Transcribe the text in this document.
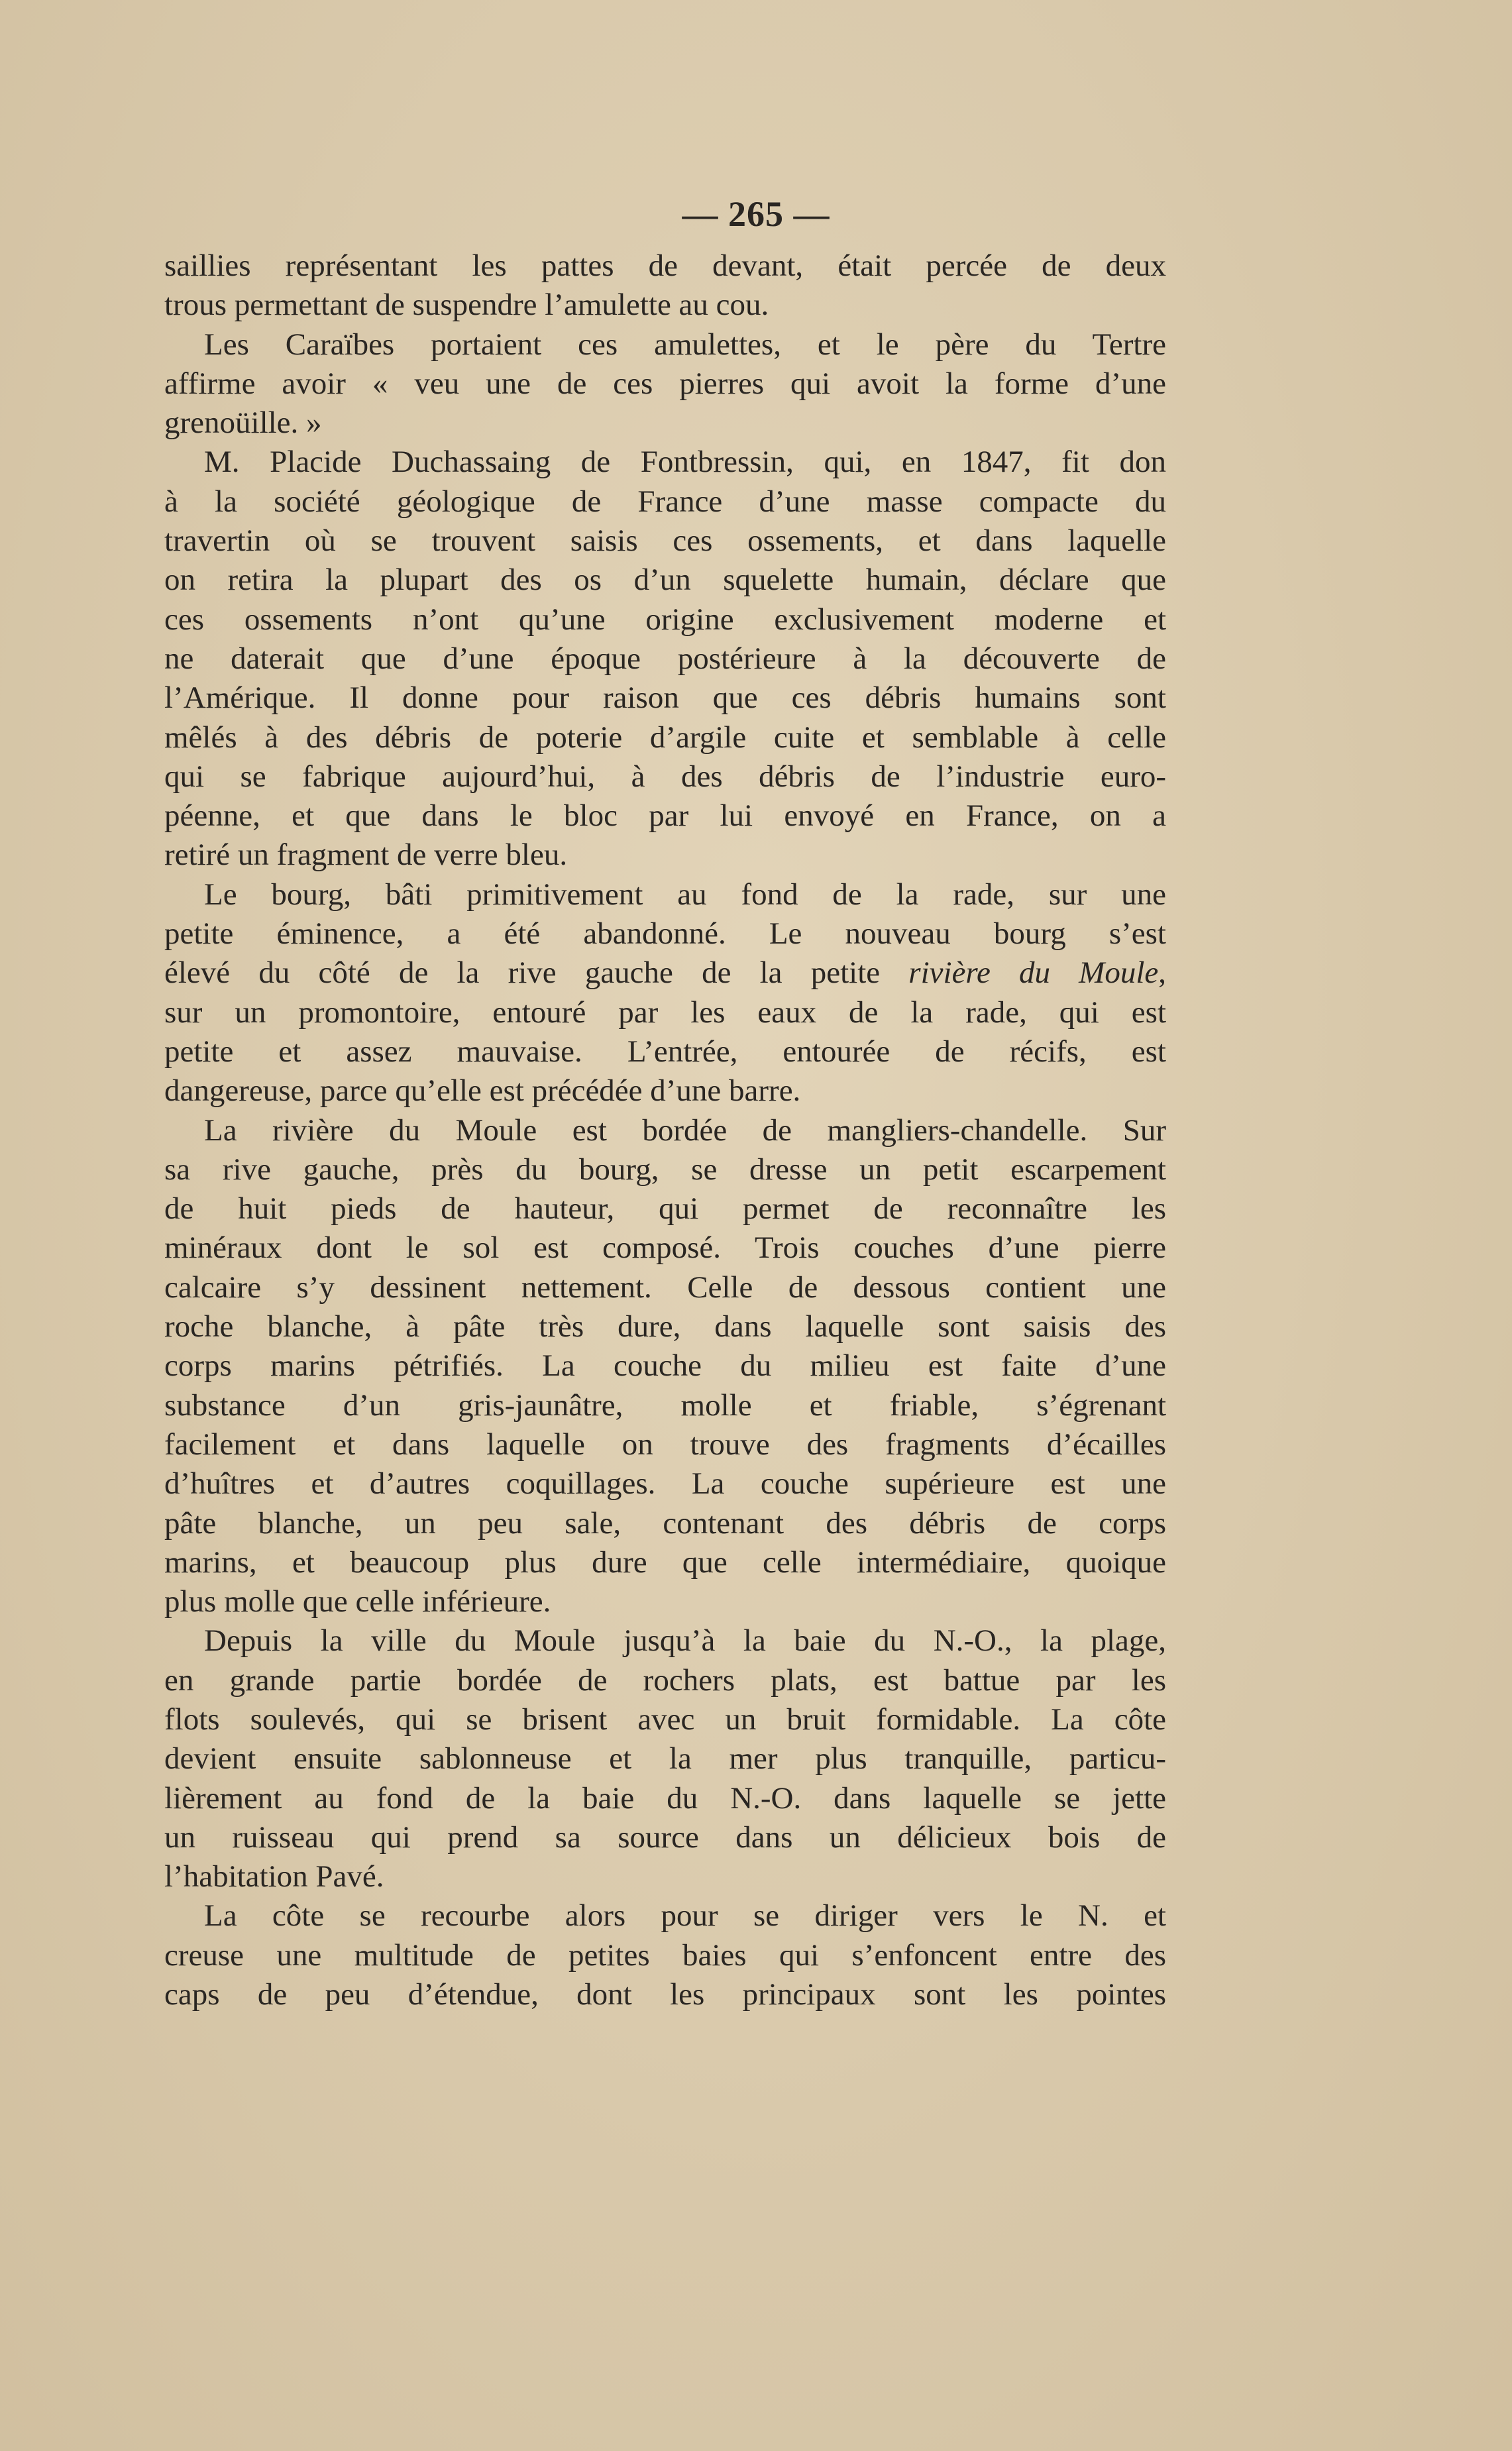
— 265 —
saillies représentant les pattes de devant, était percée de deux
trous permettant de suspendre l’amulette au cou.
Les Caraïbes portaient ces amulettes, et le père du Tertre
affirme avoir « veu une de ces pierres qui avoit la forme d’une
grenoüille. »
M. Placide Duchassaing de Fontbressin, qui, en 1847, fit don
à la société géologique de France d’une masse compacte du
travertin où se trouvent saisis ces ossements, et dans laquelle
on retira la plupart des os d’un squelette humain, déclare que
ces ossements n’ont qu’une origine exclusivement moderne et
ne daterait que d’une époque postérieure à la découverte de
l’Amérique. Il donne pour raison que ces débris humains sont
mêlés à des débris de poterie d’argile cuite et semblable à celle
qui se fabrique aujourd’hui, à des débris de l’industrie euro-
péenne, et que dans le bloc par lui envoyé en France, on a
retiré un fragment de verre bleu.
Le bourg, bâti primitivement au fond de la rade, sur une
petite éminence, a été abandonné. Le nouveau bourg s’est
élevé du côté de la rive gauche de la petite rivière du Moule,
sur un promontoire, entouré par les eaux de la rade, qui est
petite et assez mauvaise. L’entrée, entourée de récifs, est
dangereuse, parce qu’elle est précédée d’une barre.
La rivière du Moule est bordée de mangliers-chandelle. Sur
sa rive gauche, près du bourg, se dresse un petit escarpement
de huit pieds de hauteur, qui permet de reconnaître les
minéraux dont le sol est composé. Trois couches d’une pierre
calcaire s’y dessinent nettement. Celle de dessous contient une
roche blanche, à pâte très dure, dans laquelle sont saisis des
corps marins pétrifiés. La couche du milieu est faite d’une
substance d’un gris-jaunâtre, molle et friable, s’égrenant
facilement et dans laquelle on trouve des fragments d’écailles
d’huîtres et d’autres coquillages. La couche supérieure est une
pâte blanche, un peu sale, contenant des débris de corps
marins, et beaucoup plus dure que celle intermédiaire, quoique
plus molle que celle inférieure.
Depuis la ville du Moule jusqu’à la baie du N.-O., la plage,
en grande partie bordée de rochers plats, est battue par les
flots soulevés, qui se brisent avec un bruit formidable. La côte
devient ensuite sablonneuse et la mer plus tranquille, particu-
lièrement au fond de la baie du N.-O. dans laquelle se jette
un ruisseau qui prend sa source dans un délicieux bois de
l’habitation Pavé.
La côte se recourbe alors pour se diriger vers le N. et
creuse une multitude de petites baies qui s’enfoncent entre des
caps de peu d’étendue, dont les principaux sont les pointes
